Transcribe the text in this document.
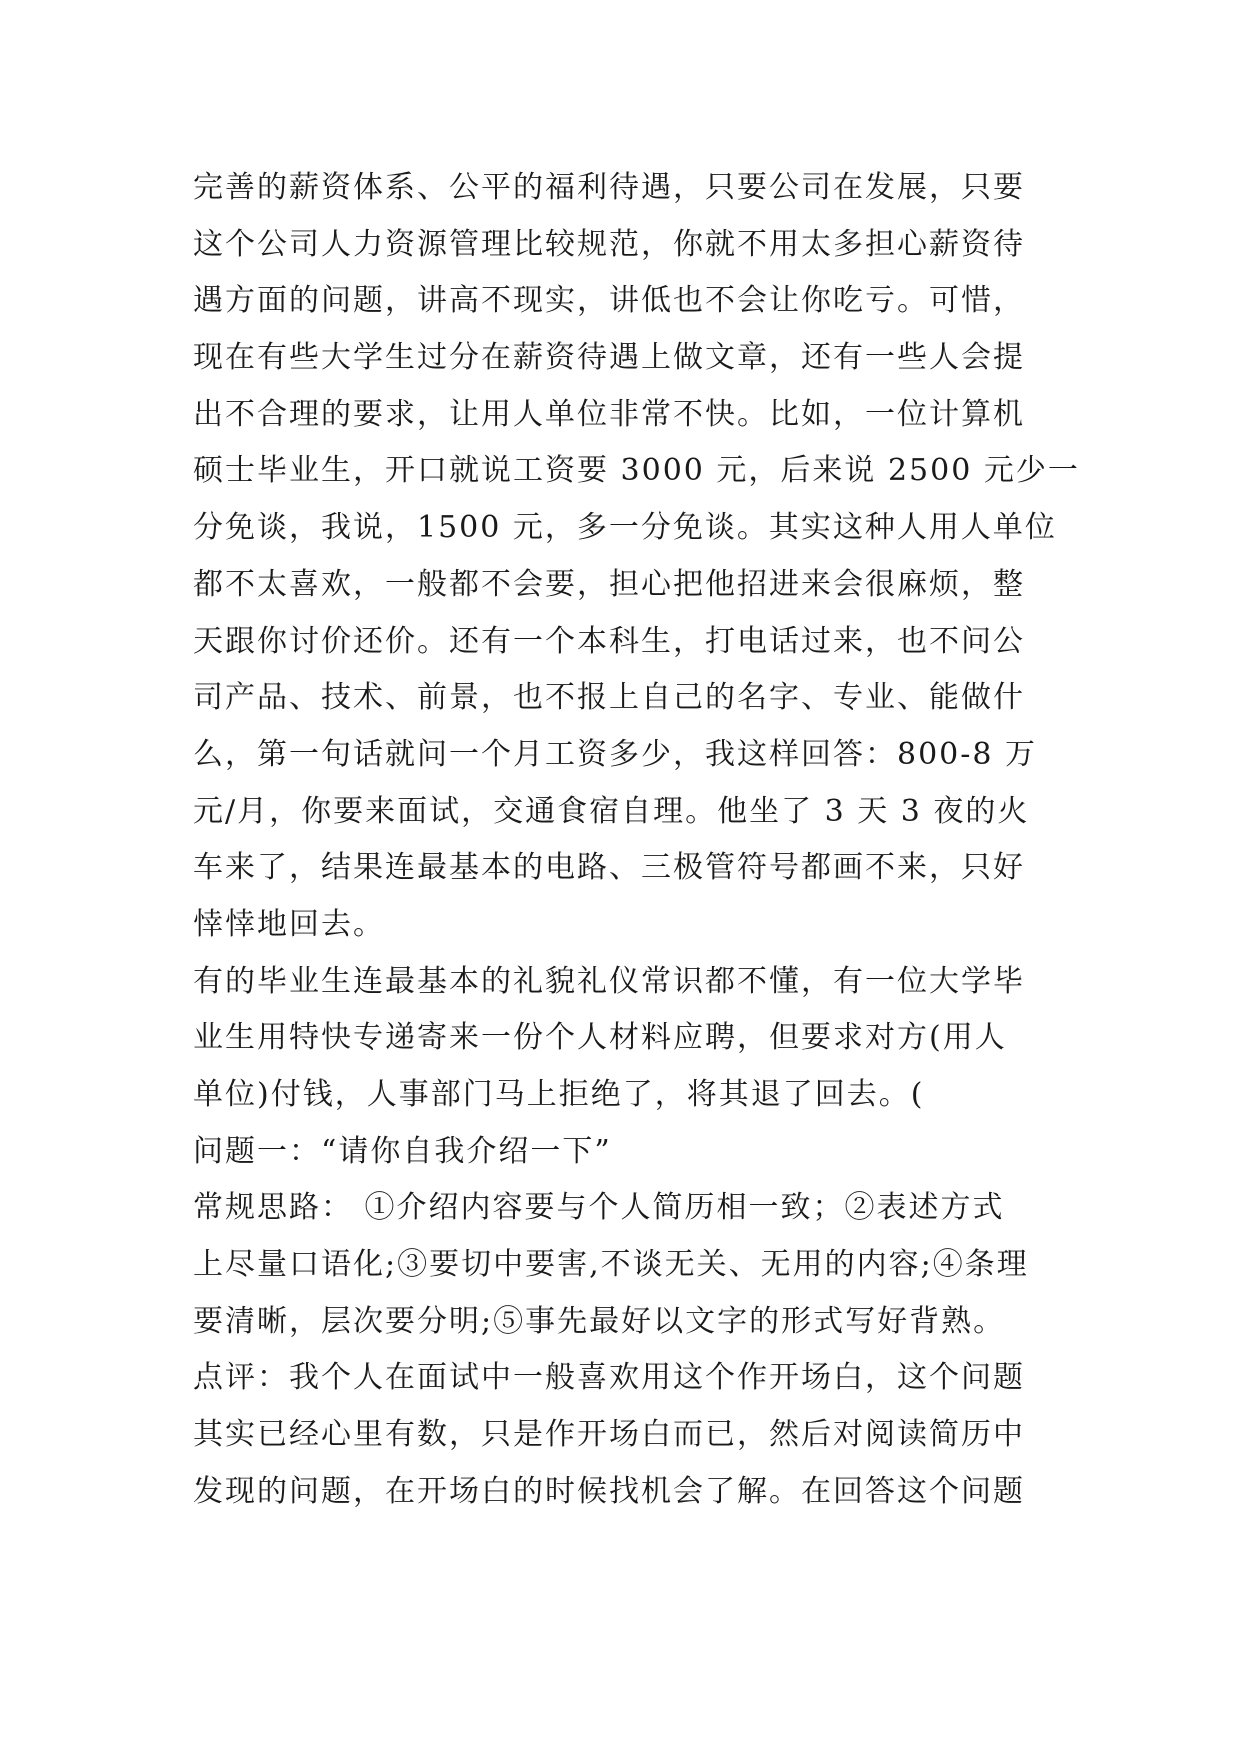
完善的薪资体系、公平的福利待遇，只要公司在发展，只要
这个公司人力资源管理比较规范，你就不用太多担心薪资待
遇方面的问题，讲高不现实，讲低也不会让你吃亏。可惜，
现在有些大学生过分在薪资待遇上做文章，还有一些人会提
出不合理的要求，让用人单位非常不快。比如，一位计算机
硕士毕业生，开口就说工资要 3000 元，后来说 2500 元少一
分免谈，我说，1500 元，多一分免谈。其实这种人用人单位
都不太喜欢，一般都不会要，担心把他招进来会很麻烦，整
天跟你讨价还价。还有一个本科生，打电话过来，也不问公
司产品、技术、前景，也不报上自己的名字、专业、能做什
么，第一句话就问一个月工资多少，我这样回答：800-8 万
元/月，你要来面试，交通食宿自理。他坐了 3 天 3 夜的火
车来了，结果连最基本的电路、三极管符号都画不来，只好
悻悻地回去。
有的毕业生连最基本的礼貌礼仪常识都不懂，有一位大学毕
业生用特快专递寄来一份个人材料应聘，但要求对方(用人
单位)付钱，人事部门马上拒绝了，将其退了回去。(
问题一：“请你自我介绍一下”
常规思路： ①介绍内容要与个人简历相一致；②表述方式
上尽量口语化;③要切中要害,不谈无关、无用的内容;④条理
要清晰，层次要分明;⑤事先最好以文字的形式写好背熟。
点评：我个人在面试中一般喜欢用这个作开场白，这个问题
其实已经心里有数，只是作开场白而已，然后对阅读简历中
发现的问题，在开场白的时候找机会了解。在回答这个问题
